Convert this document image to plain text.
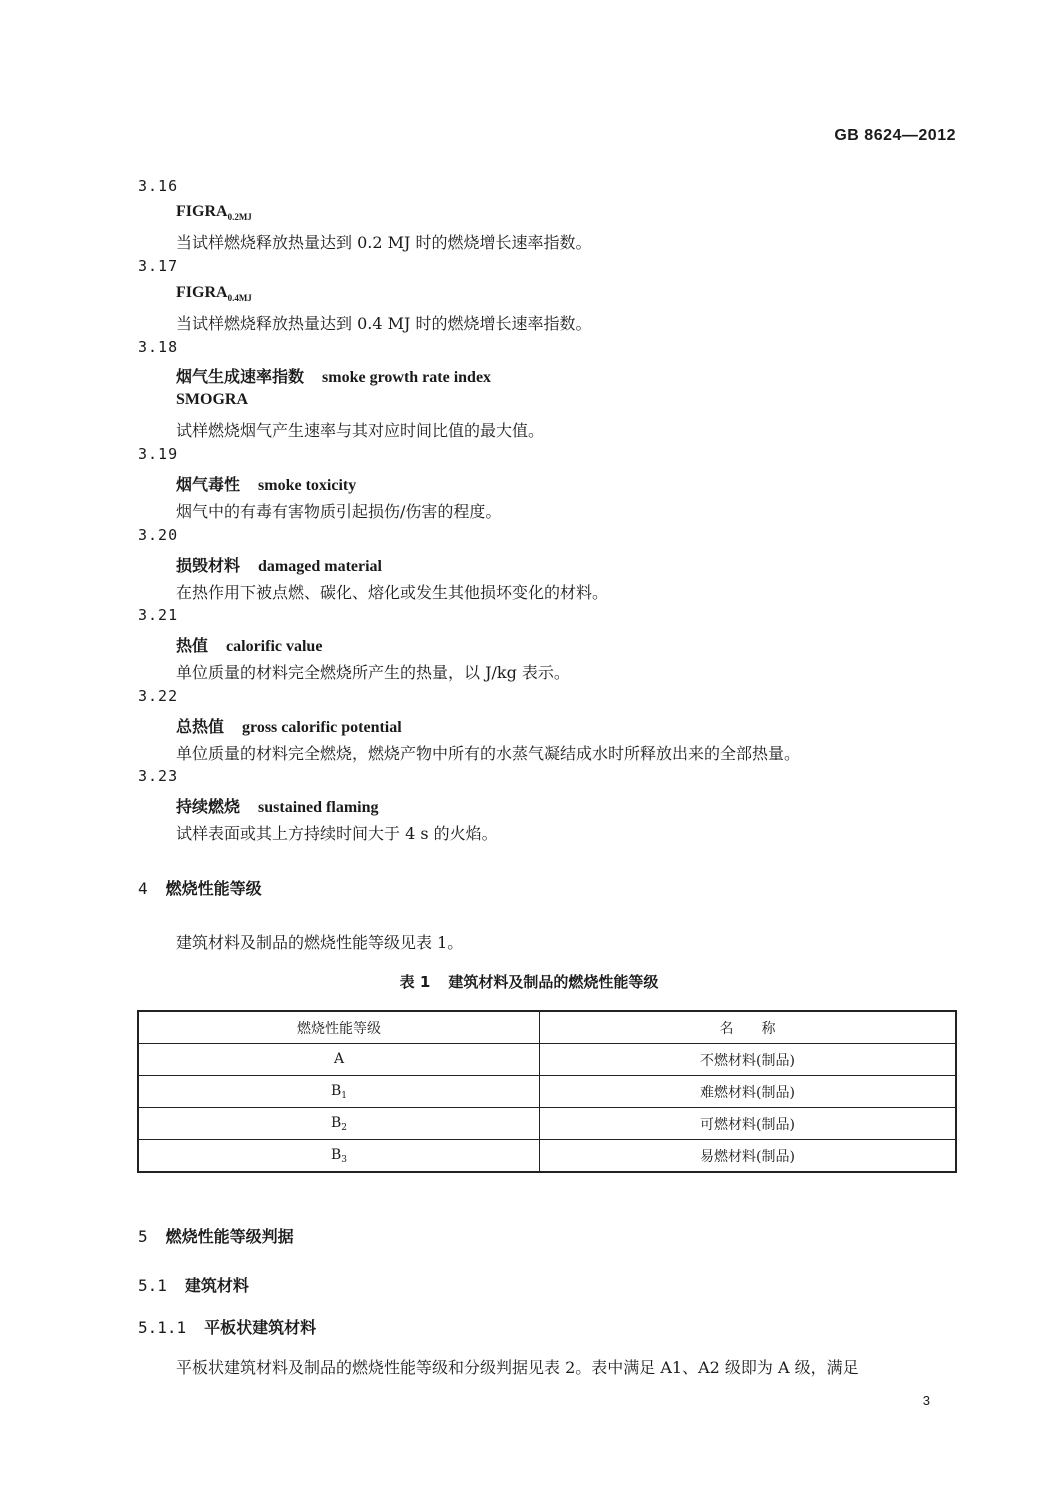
GB 8624—2012
3.16
$FIGRA_{0.2MJ}$
当试样燃烧释放热量达到 0.2 MJ 时的燃烧增长速率指数。
3.17
$FIGRA_{0.4MJ}$
当试样燃烧释放热量达到 0.4 MJ 时的燃烧增长速率指数。
3.18
烟气生成速率指数 smoke growth rate index
SMOGRA
试样燃烧烟气产生速率与其对应时间比值的最大值。
3.19
烟气毒性 smoke toxicity
烟气中的有毒有害物质引起损伤/伤害的程度。
3.20
损毁材料 damaged material
在热作用下被点燃、碳化、熔化或发生其他损坏变化的材料。
3.21
热值 calorific value
单位质量的材料完全燃烧所产生的热量，以 J/kg 表示。
3.22
总热值 gross calorific potential
单位质量的材料完全燃烧，燃烧产物中所有的水蒸气凝结成水时所释放出来的全部热量。
3.23
持续燃烧 sustained flaming
试样表面或其上方持续时间大于 4 s 的火焰。
4 燃烧性能等级
建筑材料及制品的燃烧性能等级见表 1。
表 1 建筑材料及制品的燃烧性能等级
燃烧性能等级	名　　称
A	不燃材料(制品)
$B_1$	难燃材料(制品)
$B_2$	可燃材料(制品)
$B_3$	易燃材料(制品)
5 燃烧性能等级判据
5.1 建筑材料
5.1.1 平板状建筑材料
平板状建筑材料及制品的燃烧性能等级和分级判据见表 2。表中满足 A1、A2 级即为 A 级，满足
3
